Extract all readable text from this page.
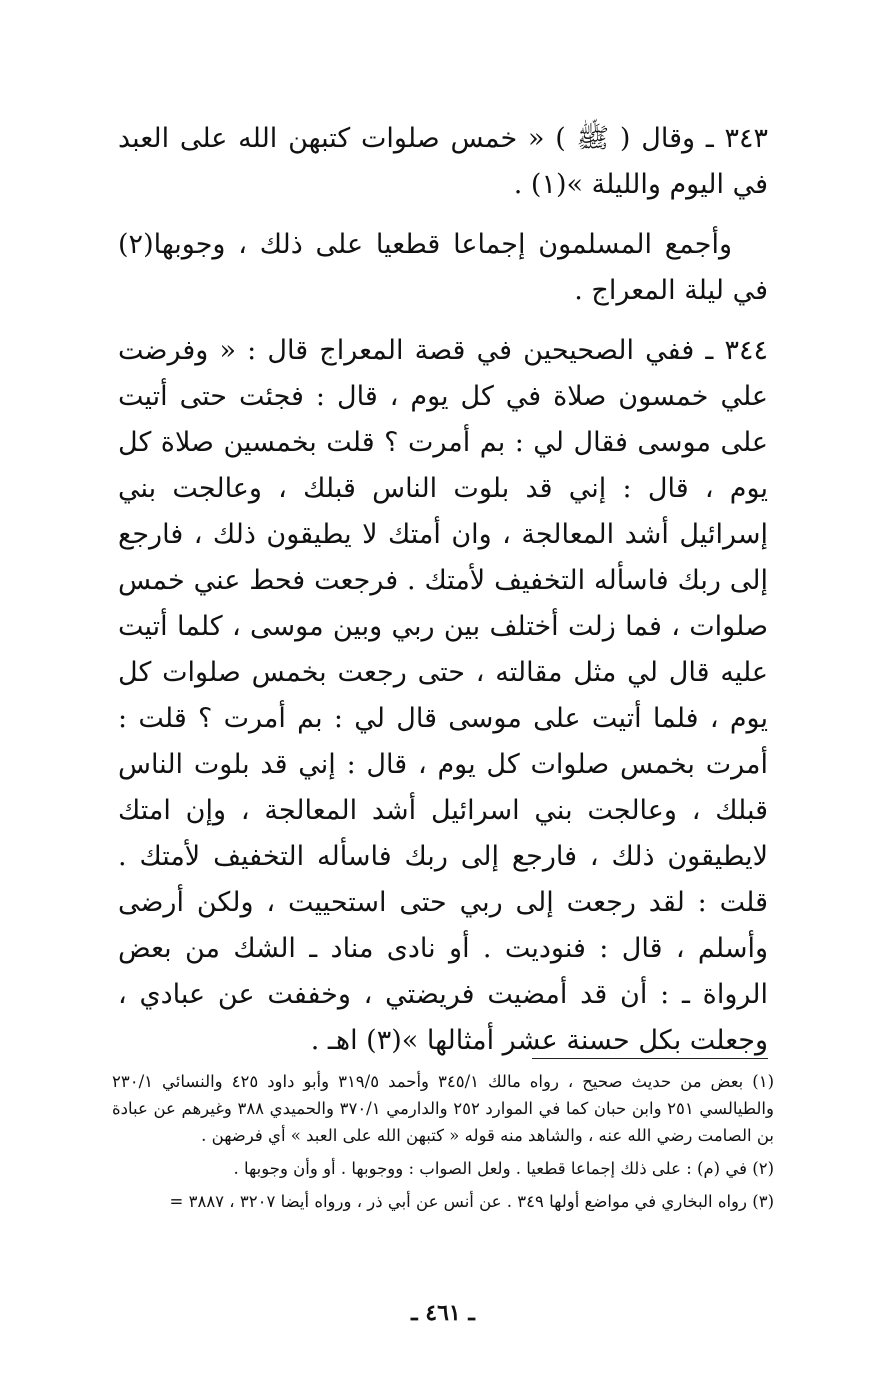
٣٤٣ ـ وقال ( ﷺ ) « خمس صلوات كتبهن الله على العبد في اليوم والليلة »(١) .

وأجمع المسلمون إجماعا قطعيا على ذلك ، وجوبها(٢) في ليلة المعراج .

٣٤٤ ـ ففي الصحيحين في قصة المعراج قال : « وفرضت علي خمسون صلاة في كل يوم ، قال : فجئت حتى أتيت على موسى فقال لي : بم أمرت ؟ قلت بخمسين صلاة كل يوم ، قال : إني قد بلوت الناس قبلك ، وعالجت بني إسرائيل أشد المعالجة ، وان أمتك لا يطيقون ذلك ، فارجع إلى ربك فاسأله التخفيف لأمتك . فرجعت فحط عني خمس صلوات ، فما زلت أختلف بين ربي وبين موسى ، كلما أتيت عليه قال لي مثل مقالته ، حتى رجعت بخمس صلوات كل يوم ، فلما أتيت على موسى قال لي : بم أمرت ؟ قلت : أمرت بخمس صلوات كل يوم ، قال : إني قد بلوت الناس قبلك ، وعالجت بني اسرائيل أشد المعالجة ، وإن امتك لايطيقون ذلك ، فارجع إلى ربك فاسأله التخفيف لأمتك . قلت : لقد رجعت إلى ربي حتى استحييت ، ولكن أرضى وأسلم ، قال : فنوديت . أو نادى مناد ـ الشك من بعض الرواة ـ : أن قد أمضيت فريضتي ، وخففت عن عبادي ، وجعلت بكل حسنة عشر أمثالها »(٣) اهـ .

(١) بعض من حديث صحيح ، رواه مالك ٣٤٥/١ وأحمد ٣١٩/٥ وأبو داود ٤٢٥ والنسائي ٢٣٠/١ والطيالسي ٢٥١ وابن حبان كما في الموارد ٢٥٢ والدارمي ٣٧٠/١ والحميدي ٣٨٨ وغيرهم عن عبادة بن الصامت رضي الله عنه ، والشاهد منه قوله « كتبهن الله على العبد » أي فرضهن .

(٢) في (م) : على ذلك إجماعا قطعيا . ولعل الصواب : ووجوبها . أو وأن وجوبها .

(٣) رواه البخاري في مواضع أولها ٣٤٩ . عن أنس عن أبي ذر ، ورواه أيضا ٣٢٠٧ ، ٣٨٨٧ =

ـ ٤٦١ ـ
